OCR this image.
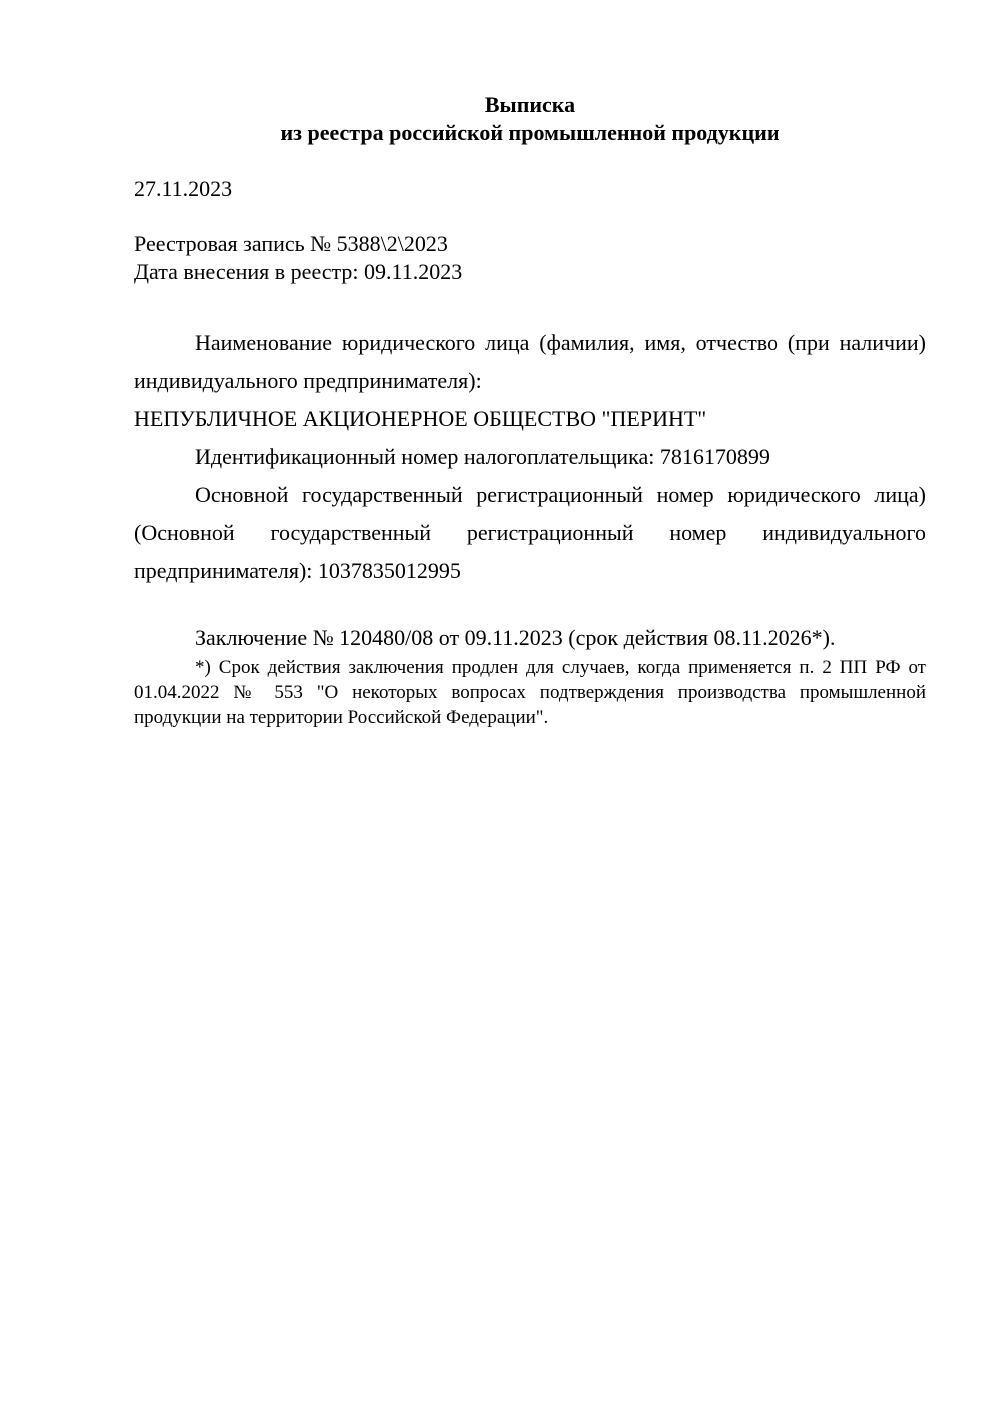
Выписка

из реестра российской промышленной продукции

27.11.2023

Реестровая запись № 5388\2\2023

Дата внесения в реестр: 09.11.2023

Наименование юридического лица (фамилия, имя, отчество (при наличии) индивидуального предпринимателя):

НЕПУБЛИЧНОЕ АКЦИОНЕРНОЕ ОБЩЕСТВО "ПЕРИНТ"

Идентификационный номер налогоплательщика: 7816170899

Основной государственный регистрационный номер юридического лица) (Основной государственный регистрационный номер индивидуального предпринимателя): 1037835012995

Заключение № 120480/08 от 09.11.2023 (срок действия 08.11.2026*).

*) Срок действия заключения продлен для случаев, когда применяется п. 2 ПП РФ от 01.04.2022 № 553 "О некоторых вопросах подтверждения производства промышленной продукции на территории Российской Федерации".
